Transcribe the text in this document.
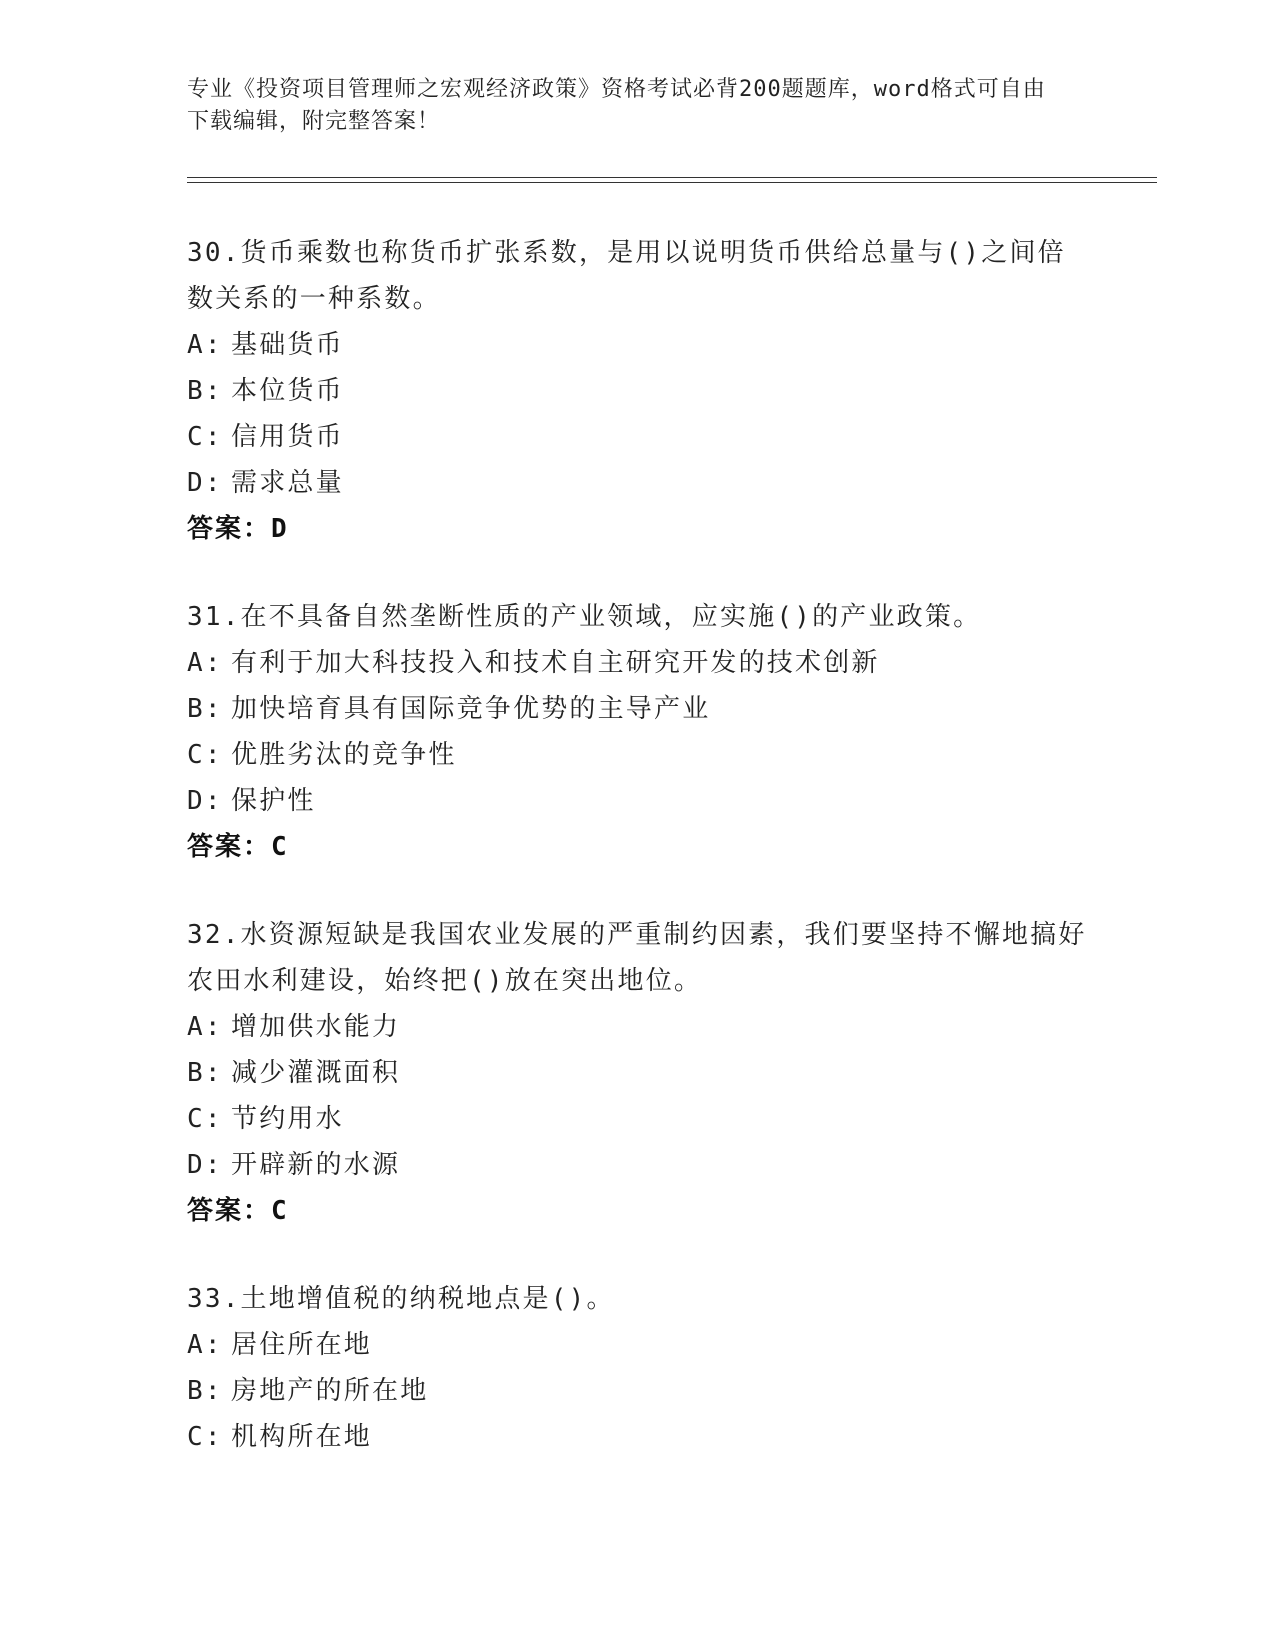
专业《投资项目管理师之宏观经济政策》资格考试必背200题题库，word格式可自由下载编辑，附完整答案！
30.货币乘数也称货币扩张系数，是用以说明货币供给总量与()之间倍数关系的一种系数。
A: 基础货币
B: 本位货币
C: 信用货币
D: 需求总量
答案：D
31.在不具备自然垄断性质的产业领域，应实施()的产业政策。
A: 有利于加大科技投入和技术自主研究开发的技术创新
B: 加快培育具有国际竞争优势的主导产业
C: 优胜劣汰的竞争性
D: 保护性
答案：C
32.水资源短缺是我国农业发展的严重制约因素，我们要坚持不懈地搞好农田水利建设，始终把()放在突出地位。
A: 增加供水能力
B: 减少灌溉面积
C: 节约用水
D: 开辟新的水源
答案：C
33.土地增值税的纳税地点是()。
A: 居住所在地
B: 房地产的所在地
C: 机构所在地
